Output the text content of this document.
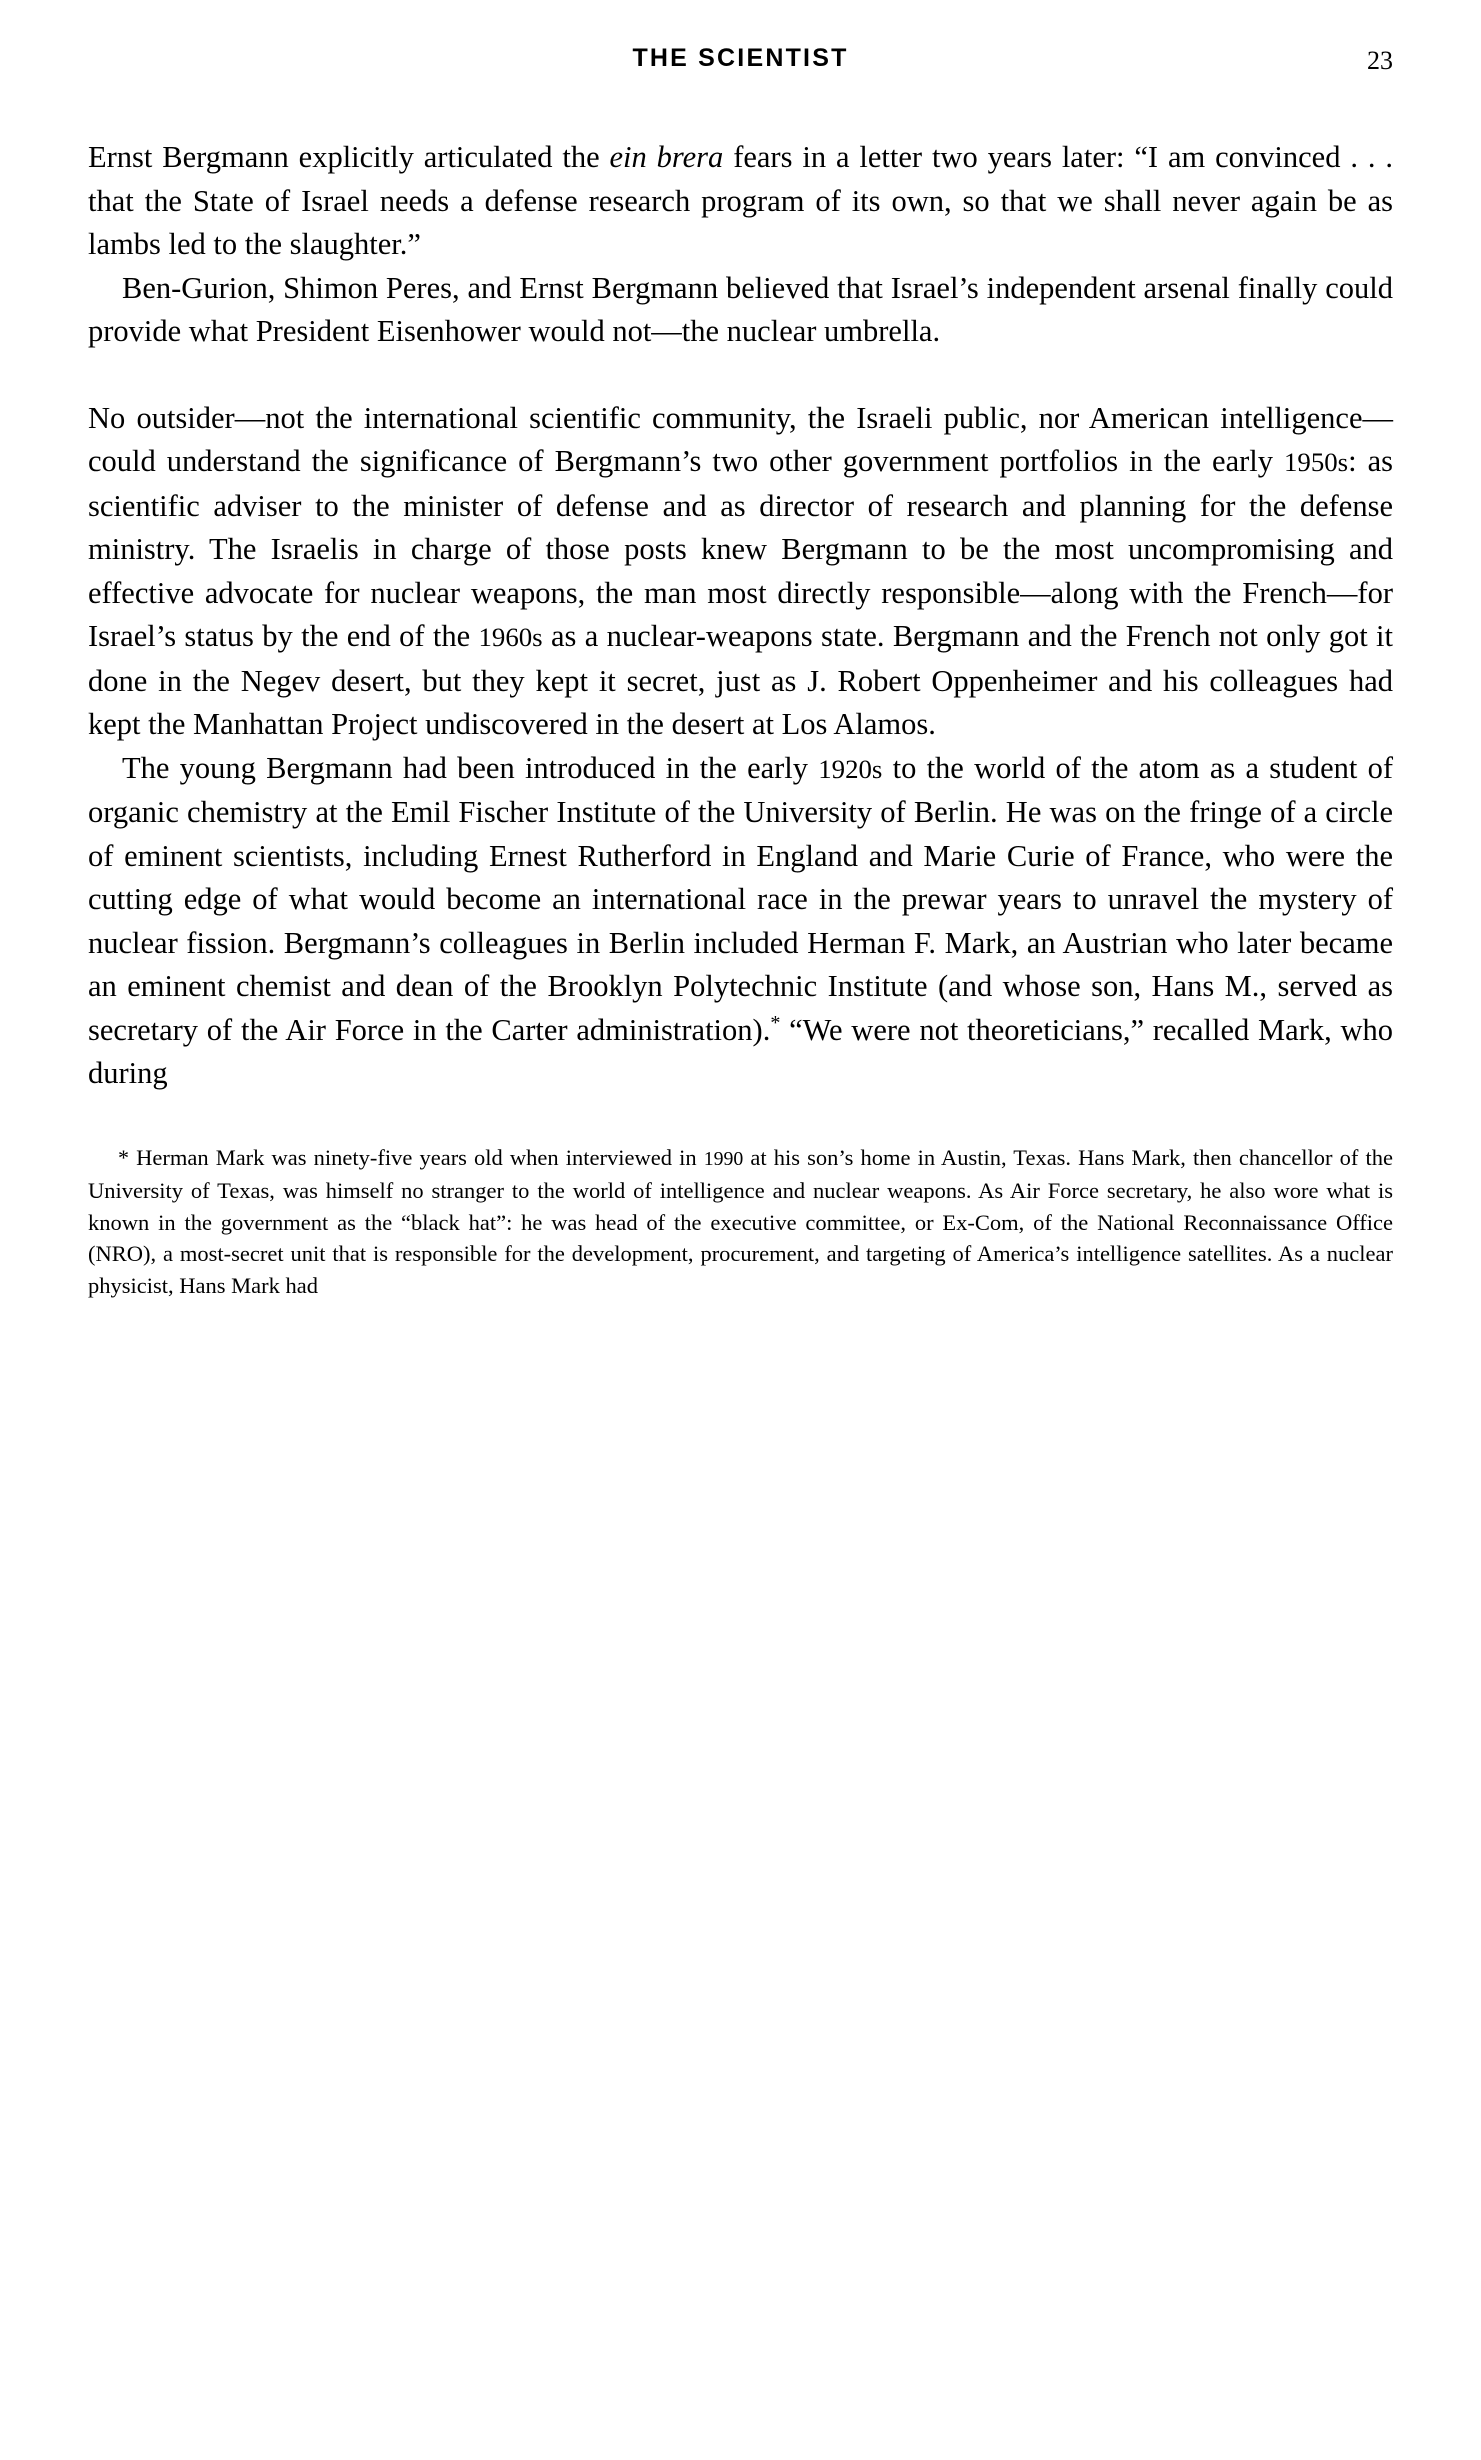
THE SCIENTIST	23

Ernst Bergmann explicitly articulated the ein brera fears in a letter two years later: “I am convinced . . . that the State of Israel needs a defense research program of its own, so that we shall never again be as lambs led to the slaughter.”

Ben-Gurion, Shimon Peres, and Ernst Bergmann believed that Israel’s independent arsenal finally could provide what President Eisenhower would not—the nuclear umbrella.

No outsider—not the international scientific community, the Israeli public, nor American intelligence—could understand the significance of Bergmann’s two other government portfolios in the early 1950s: as scientific adviser to the minister of defense and as director of research and planning for the defense ministry. The Israelis in charge of those posts knew Bergmann to be the most uncompromising and effective advocate for nuclear weapons, the man most directly responsible—along with the French—for Israel’s status by the end of the 1960s as a nuclear-weapons state. Bergmann and the French not only got it done in the Negev desert, but they kept it secret, just as J. Robert Oppenheimer and his colleagues had kept the Manhattan Project undiscovered in the desert at Los Alamos.

The young Bergmann had been introduced in the early 1920s to the world of the atom as a student of organic chemistry at the Emil Fischer Institute of the University of Berlin. He was on the fringe of a circle of eminent scientists, including Ernest Rutherford in England and Marie Curie of France, who were the cutting edge of what would become an international race in the prewar years to unravel the mystery of nuclear fission. Bergmann’s colleagues in Berlin included Herman F. Mark, an Austrian who later became an eminent chemist and dean of the Brooklyn Polytechnic Institute (and whose son, Hans M., served as secretary of the Air Force in the Carter administration).* “We were not theoreticians,” recalled Mark, who during

* Herman Mark was ninety-five years old when interviewed in 1990 at his son’s home in Austin, Texas. Hans Mark, then chancellor of the University of Texas, was himself no stranger to the world of intelligence and nuclear weapons. As Air Force secretary, he also wore what is known in the government as the “black hat”: he was head of the executive committee, or Ex-Com, of the National Reconnaissance Office (NRO), a most-secret unit that is responsible for the development, procurement, and targeting of America’s intelligence satellites. As a nuclear physicist, Hans Mark had
